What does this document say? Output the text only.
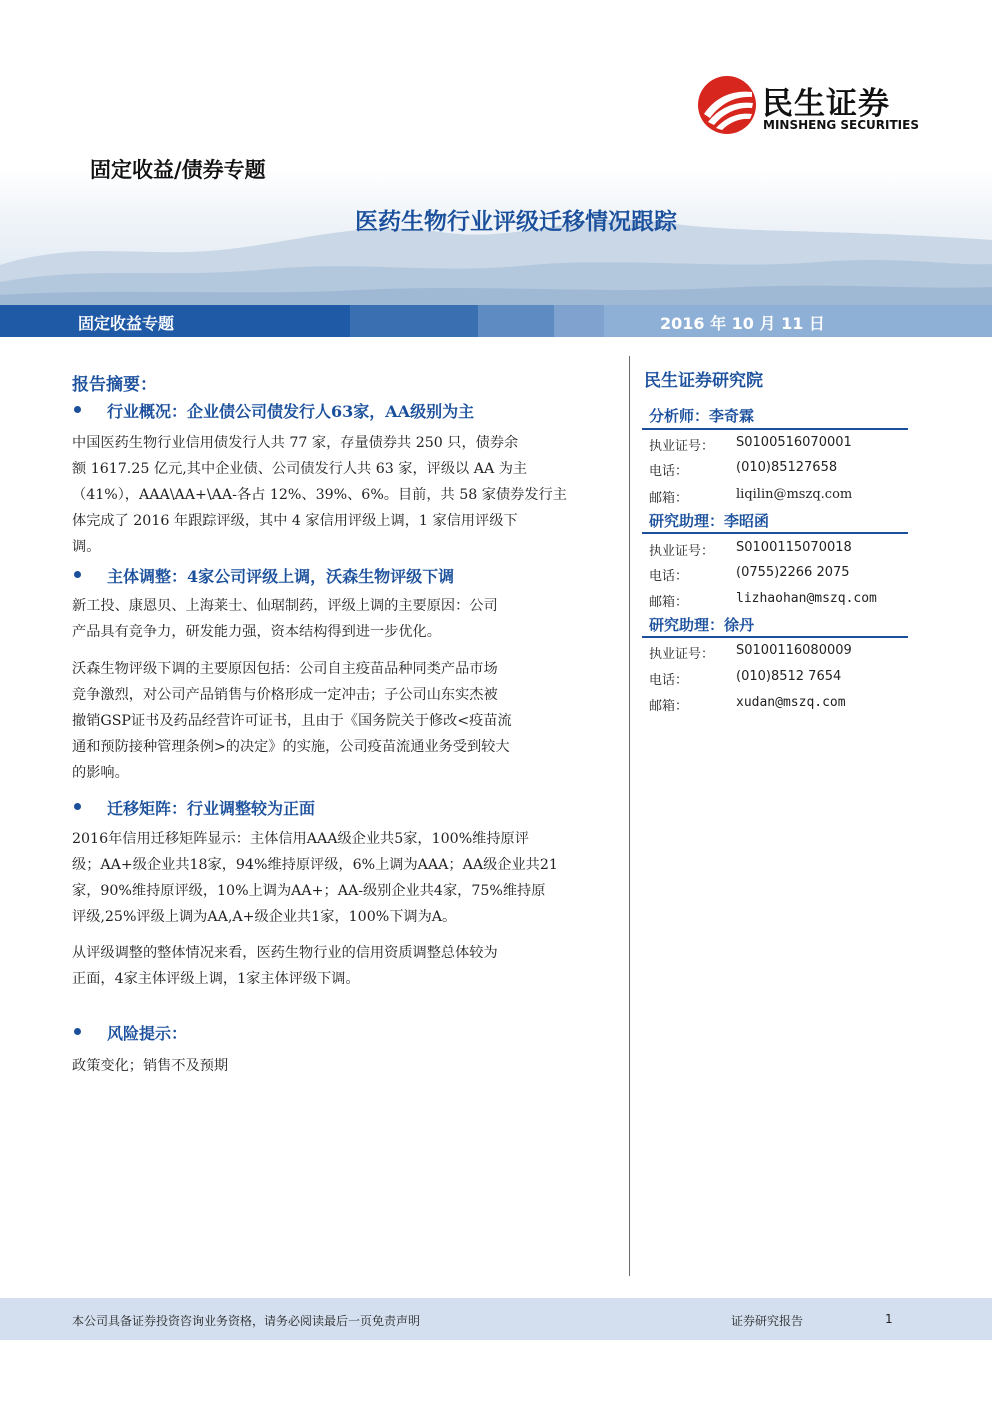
民生证券
MINSHENG SECURITIES
固定收益/债券专题
医药生物行业评级迁移情况跟踪
固定收益专题	2016 年 10 月 11 日
报告摘要：
行业概况：企业债公司债发行人63家，AA级别为主
中国医药生物行业信用债发行人共 77 家，存量债券共 250 只，债券余
额 1617.25 亿元,其中企业债、公司债发行人共 63 家，评级以 AA 为主
（41%），AAA\AA+\AA-各占 12%、39%、6%。目前，共 58 家债券发行主
体完成了 2016 年跟踪评级，其中 4 家信用评级上调，1 家信用评级下
调。
主体调整：4家公司评级上调，沃森生物评级下调
新工投、康恩贝、上海莱士、仙琚制药，评级上调的主要原因：公司
产品具有竞争力，研发能力强，资本结构得到进一步优化。
沃森生物评级下调的主要原因包括：公司自主疫苗品种同类产品市场
竞争激烈，对公司产品销售与价格形成一定冲击；子公司山东实杰被
撤销GSP证书及药品经营许可证书，且由于《国务院关于修改<疫苗流
通和预防接种管理条例>的决定》的实施，公司疫苗流通业务受到较大
的影响。
迁移矩阵：行业调整较为正面
2016年信用迁移矩阵显示：主体信用AAA级企业共5家，100%维持原评
级；AA+级企业共18家，94%维持原评级，6%上调为AAA；AA级企业共21
家，90%维持原评级，10%上调为AA+；AA-级别企业共4家，75%维持原
评级,25%评级上调为AA,A+级企业共1家，100%下调为A。
从评级调整的整体情况来看，医药生物行业的信用资质调整总体较为
正面，4家主体评级上调，1家主体评级下调。
风险提示：
政策变化；销售不及预期
民生证券研究院
分析师：李奇霖
执业证号： S0100516070001
电话：	(010)85127658
邮箱：	liqilin@mszq.com
研究助理：李昭函
执业证号： S0100115070018
电话：	(0755)2266 2075
邮箱：	lizhaohan@mszq.com
研究助理：徐丹
执业证号： S0100116080009
电话：	(010)8512 7654
邮箱：	xudan@mszq.com
本公司具备证券投资咨询业务资格，请务必阅读最后一页免责声明	证券研究报告	1
